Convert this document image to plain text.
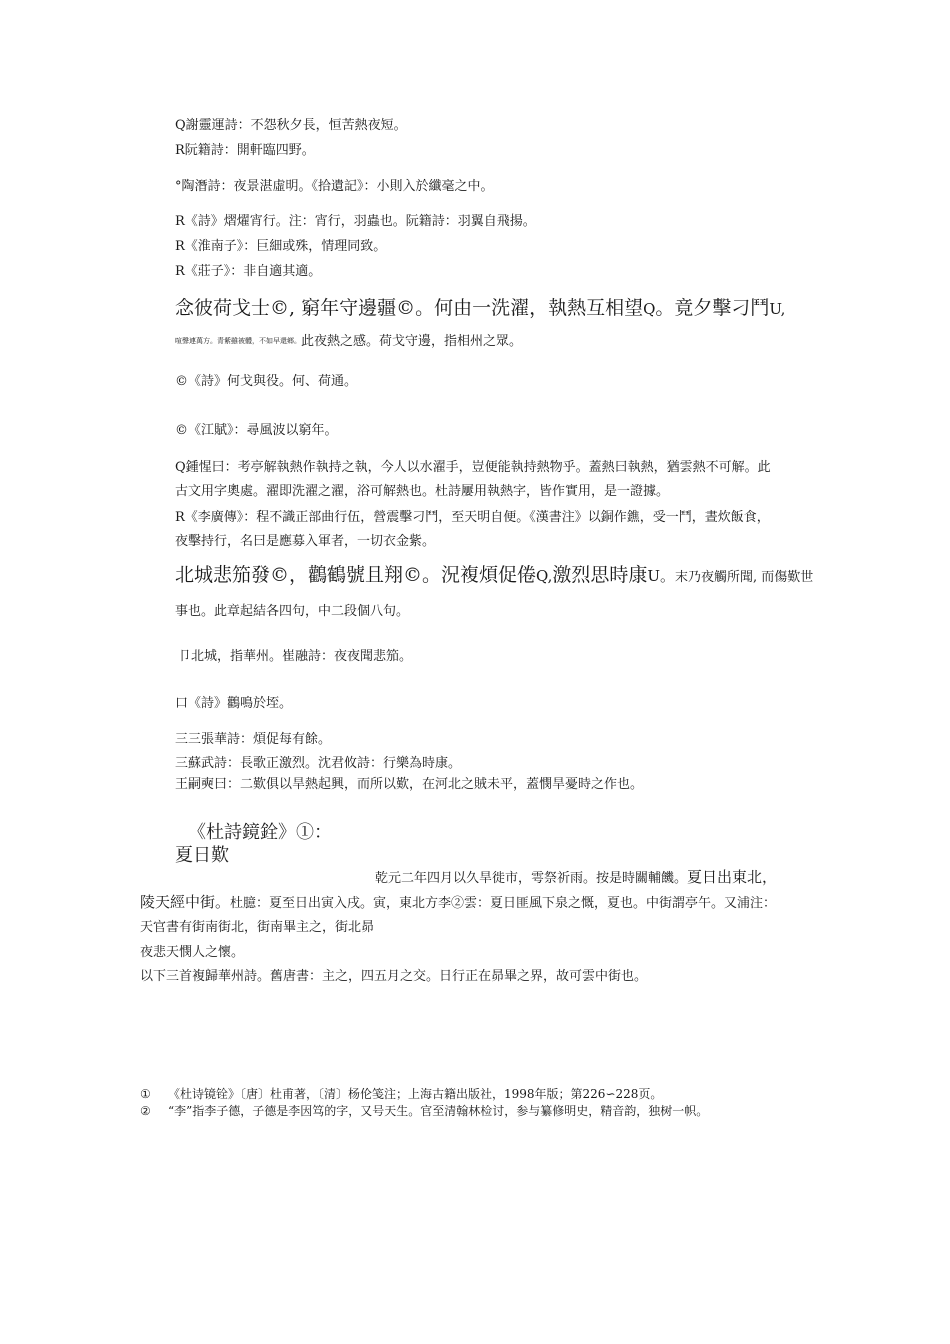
Q謝靈運詩：不怨秋夕長，恒苦熱夜短。
R阮籍詩：開軒臨四野。
°陶潛詩：夜景湛虛明。《拾遺記》：小則入於纖毫之中。
R《詩》熠燿宵行。注：宵行，羽蟲也。阮籍詩：羽翼自飛揚。
R《淮南子》：巨細或殊，情理同致。
R《莊子》：非自適其適。
念彼荷戈士©, 窮年守邊疆©。何由一洗濯，執熱互相望Q。竟夕擊刁鬥U,
喧聲連萬方。青紫雖被體，不如早還鄉。此夜熱之感。荷戈守邊，指相州之眾。
©《詩》何戈與役。何、荷通。
©《江賦》：尋風波以窮年。
Q鍾惺曰：考亭解執熱作執持之執，今人以水濯手，豈便能執持熱物乎。蓋熱曰執熱，猶雲熱不可解。此
古文用字奧處。濯即洗濯之濯，浴可解熱也。杜詩屢用執熱字，皆作實用，是一證據。
R《李廣傳》：程不識正部曲行伍，營震擊刁鬥，至天明自便。《漢書注》以銅作鐎，受一鬥，晝炊飯食，
夜擊持行，名曰是應募入軍者，一切衣金紫。
北城悲笳發©，鸛鶴號且翔©。況複煩促倦Q,激烈思時康U。末乃夜觸所聞, 而傷歎世
事也。此章起結各四句，中二段個八句。
卩北城，指華州。崔融詩：夜夜聞悲笳。
口《詩》鸛鳴於垤。
三三張華詩：煩促每有餘。
三蘇武詩：長歌正激烈。沈君攸詩：行樂為時康。
王嗣奭曰：二歎俱以旱熱起興，而所以歎，在河北之賊未平，蓋憫旱憂時之作也。
《杜詩鏡銓》①：
夏日歎
乾元二年四月以久旱徙市，雩祭祈雨。按是時關輔饑。夏日出東北，
陵天經中街。杜臆：夏至日出寅入戌。寅，東北方李②雲：夏日匪風下泉之慨，夏也。中街謂亭午。又浦注：
天官書有街南街北，街南畢主之，街北昴
夜悲天憫人之懷。
以下三首複歸華州詩。舊唐書：主之，四五月之交。日行正在昴畢之界，故可雲中街也。
① 《杜诗镜铨》〔唐〕杜甫著，〔清〕杨伦笺注；上海古籍出版社，1998年版；第226∽228页。
② “李”指李子德，子德是李因笃的字，又号天生。官至清翰林检讨，参与纂修明史，精音韵，独树一帜。
